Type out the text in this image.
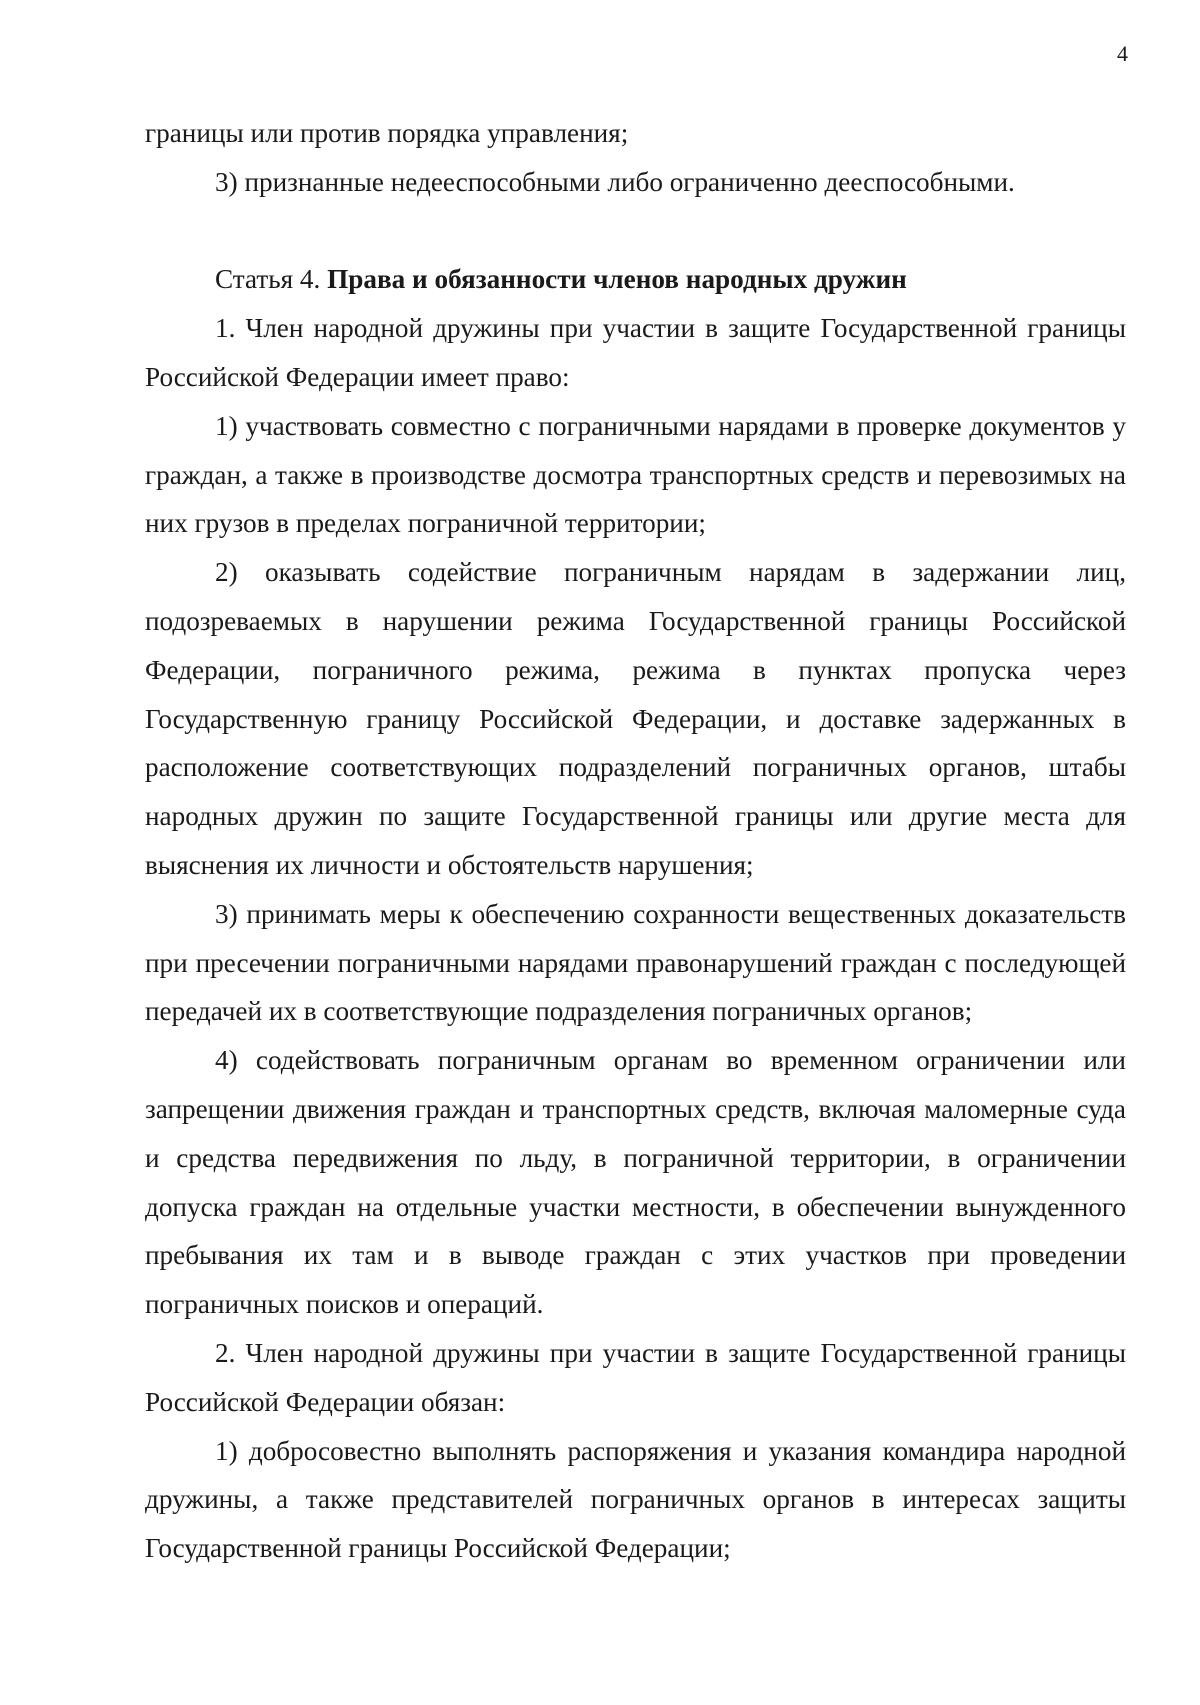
4

границы или против порядка управления;

3) признанные недееспособными либо ограниченно дееспособными.

Статья 4. Права и обязанности членов народных дружин

1. Член народной дружины при участии в защите Государственной границы Российской Федерации имеет право:

1) участвовать совместно с пограничными нарядами в проверке документов у граждан, а также в производстве досмотра транспортных средств и перевозимых на них грузов в пределах пограничной территории;

2) оказывать содействие пограничным нарядам в задержании лиц, подозреваемых в нарушении режима Государственной границы Российской Федерации, пограничного режима, режима в пунктах пропуска через Государственную границу Российской Федерации, и доставке задержанных в расположение соответствующих подразделений пограничных органов, штабы народных дружин по защите Государственной границы или другие места для выяснения их личности и обстоятельств нарушения;

3) принимать меры к обеспечению сохранности вещественных доказательств при пресечении пограничными нарядами правонарушений граждан с последующей передачей их в соответствующие подразделения пограничных органов;

4) содействовать пограничным органам во временном ограничении или запрещении движения граждан и транспортных средств, включая маломерные суда и средства передвижения по льду, в пограничной территории, в ограничении допуска граждан на отдельные участки местности, в обеспечении вынужденного пребывания их там и в выводе граждан с этих участков при проведении пограничных поисков и операций.

2. Член народной дружины при участии в защите Государственной границы Российской Федерации обязан:

1) добросовестно выполнять распоряжения и указания командира народной дружины, а также представителей пограничных органов в интересах защиты Государственной границы Российской Федерации;
